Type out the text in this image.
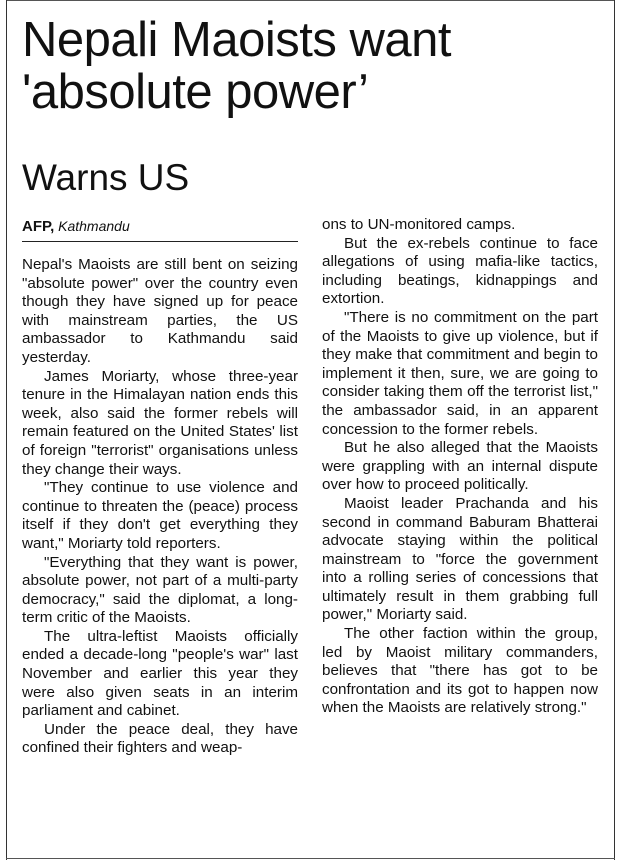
Nepali Maoists want
'absolute power’
Warns US
AFP, Kathmandu

Nepal's Maoists are still bent on seizing "absolute power" over the country even though they have signed up for peace with mainstream parties, the US ambassador to Kathmandu said yesterday.

James Moriarty, whose three-year tenure in the Himalayan nation ends this week, also said the former rebels will remain featured on the United States' list of foreign "terrorist" organisations unless they change their ways.

"They continue to use violence and continue to threaten the (peace) process itself if they don't get everything they want," Moriarty told reporters.

"Everything that they want is power, absolute power, not part of a multi-party democracy," said the diplomat, a long-term critic of the Maoists.

The ultra-leftist Maoists officially ended a decade-long "people's war" last November and earlier this year they were also given seats in an interim parliament and cabinet.

Under the peace deal, they have confined their fighters and weap-

ons to UN-monitored camps.

But the ex-rebels continue to face allegations of using mafia-like tactics, including beatings, kidnappings and extortion.

"There is no commitment on the part of the Maoists to give up violence, but if they make that commitment and begin to implement it then, sure, we are going to consider taking them off the terrorist list," the ambassador said, in an apparent concession to the former rebels.

But he also alleged that the Maoists were grappling with an internal dispute over how to proceed politically.

Maoist leader Prachanda and his second in command Baburam Bhatterai advocate staying within the political mainstream to "force the government into a rolling series of concessions that ultimately result in them grabbing full power," Moriarty said.

The other faction within the group, led by Maoist military commanders, believes that "there has got to be confrontation and its got to happen now when the Maoists are relatively strong."
